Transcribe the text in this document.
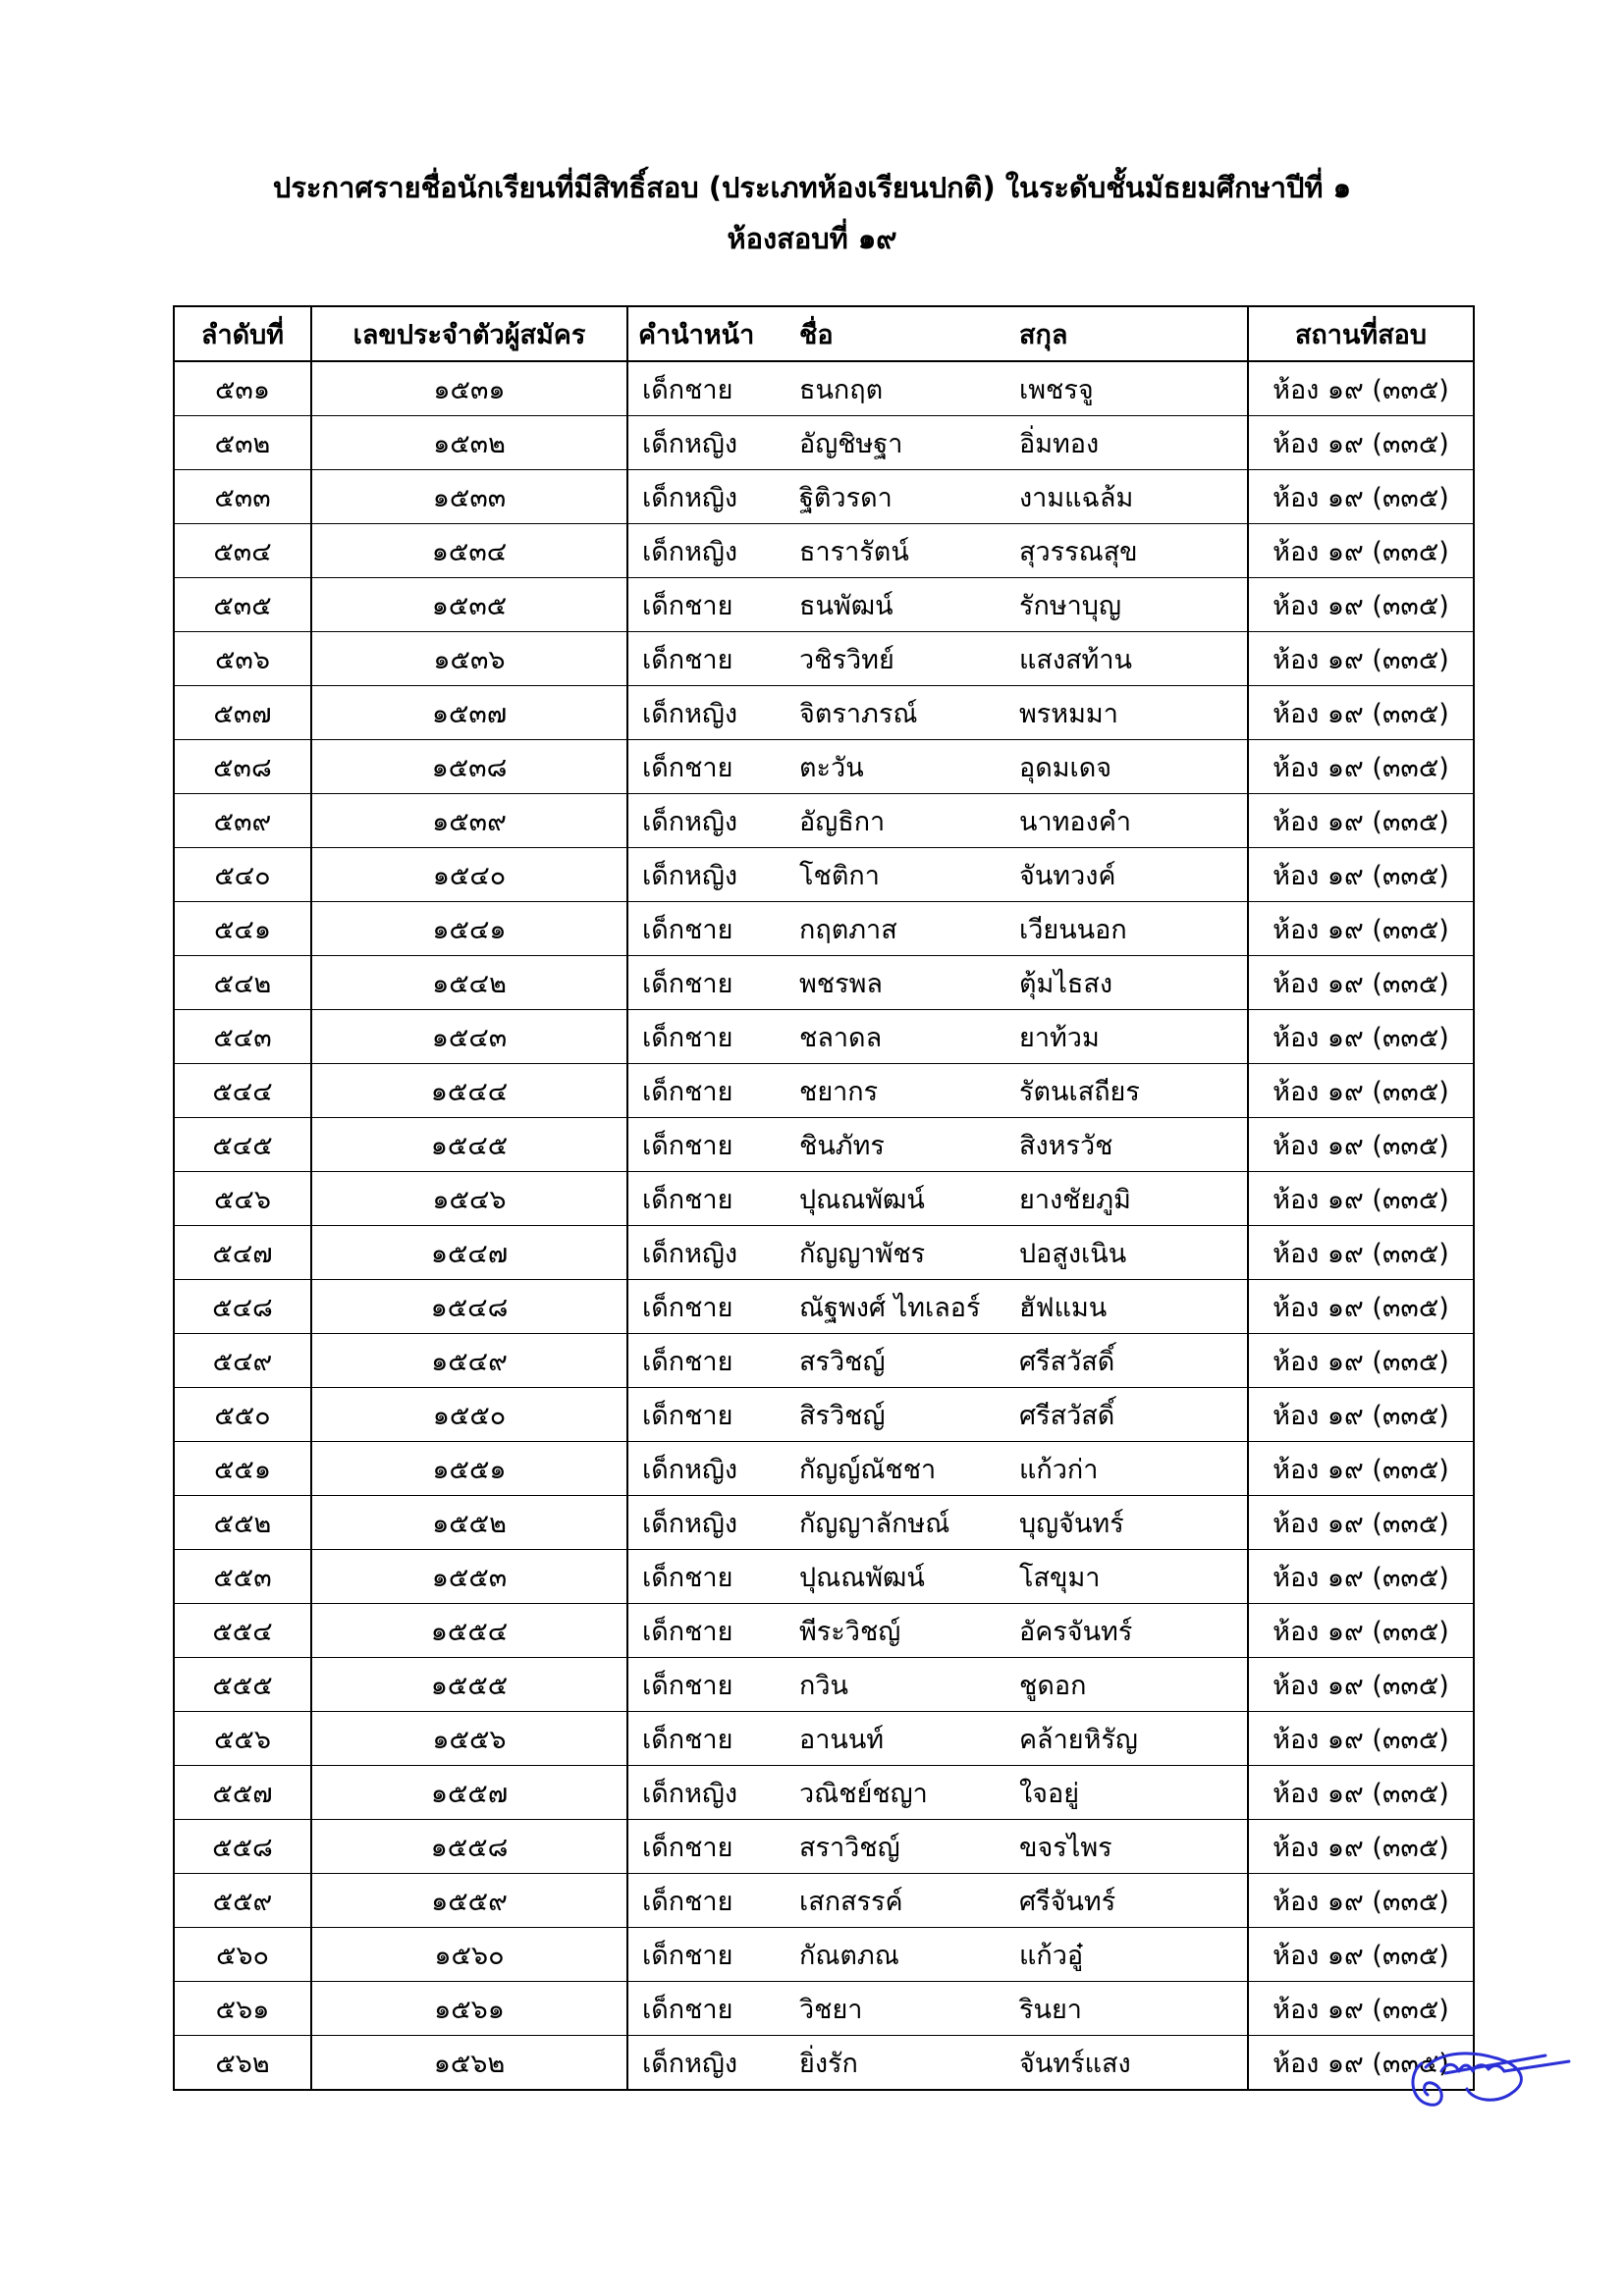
ประกาศรายชื่อนักเรียนที่มีสิทธิ์สอบ (ประเภทห้องเรียนปกติ) ในระดับชั้นมัธยมศึกษาปีที่ ๑
ห้องสอบที่ ๑๙
ลำดับที่	เลขประจำตัวผู้สมัคร	คำนำหน้า	ชื่อ	สกุล	สถานที่สอบ
๕๓๑	๑๕๓๑	เด็กชาย	ธนกฤต	เพชรจู	ห้อง ๑๙ (๓๓๕)
๕๓๒	๑๕๓๒	เด็กหญิง	อัญชิษฐา	อิ่มทอง	ห้อง ๑๙ (๓๓๕)
๕๓๓	๑๕๓๓	เด็กหญิง	ฐิติวรดา	งามแฉล้ม	ห้อง ๑๙ (๓๓๕)
๕๓๔	๑๕๓๔	เด็กหญิง	ธารารัตน์	สุวรรณสุข	ห้อง ๑๙ (๓๓๕)
๕๓๕	๑๕๓๕	เด็กชาย	ธนพัฒน์	รักษาบุญ	ห้อง ๑๙ (๓๓๕)
๕๓๖	๑๕๓๖	เด็กชาย	วชิรวิทย์	แสงสท้าน	ห้อง ๑๙ (๓๓๕)
๕๓๗	๑๕๓๗	เด็กหญิง	จิตราภรณ์	พรหมมา	ห้อง ๑๙ (๓๓๕)
๕๓๘	๑๕๓๘	เด็กชาย	ตะวัน	อุดมเดจ	ห้อง ๑๙ (๓๓๕)
๕๓๙	๑๕๓๙	เด็กหญิง	อัญธิกา	นาทองคำ	ห้อง ๑๙ (๓๓๕)
๕๔๐	๑๕๔๐	เด็กหญิง	โชติกา	จันทวงค์	ห้อง ๑๙ (๓๓๕)
๕๔๑	๑๕๔๑	เด็กชาย	กฤตภาส	เวียนนอก	ห้อง ๑๙ (๓๓๕)
๕๔๒	๑๕๔๒	เด็กชาย	พชรพล	ตุ้มไธสง	ห้อง ๑๙ (๓๓๕)
๕๔๓	๑๕๔๓	เด็กชาย	ชลาดล	ยาท้วม	ห้อง ๑๙ (๓๓๕)
๕๔๔	๑๕๔๔	เด็กชาย	ชยากร	รัตนเสถียร	ห้อง ๑๙ (๓๓๕)
๕๔๕	๑๕๔๕	เด็กชาย	ชินภัทร	สิงหรวัช	ห้อง ๑๙ (๓๓๕)
๕๔๖	๑๕๔๖	เด็กชาย	ปุณณพัฒน์	ยางชัยภูมิ	ห้อง ๑๙ (๓๓๕)
๕๔๗	๑๕๔๗	เด็กหญิง	กัญญาพัชร	ปอสูงเนิน	ห้อง ๑๙ (๓๓๕)
๕๔๘	๑๕๔๘	เด็กชาย	ณัฐพงศ์ ไทเลอร์	ฮัฟแมน	ห้อง ๑๙ (๓๓๕)
๕๔๙	๑๕๔๙	เด็กชาย	สรวิชญ์	ศรีสวัสดิ์	ห้อง ๑๙ (๓๓๕)
๕๕๐	๑๕๕๐	เด็กชาย	สิรวิชญ์	ศรีสวัสดิ์	ห้อง ๑๙ (๓๓๕)
๕๕๑	๑๕๕๑	เด็กหญิง	กัญญ์ณัชชา	แก้วก่า	ห้อง ๑๙ (๓๓๕)
๕๕๒	๑๕๕๒	เด็กหญิง	กัญญาลักษณ์	บุญจันทร์	ห้อง ๑๙ (๓๓๕)
๕๕๓	๑๕๕๓	เด็กชาย	ปุณณพัฒน์	โสขุมา	ห้อง ๑๙ (๓๓๕)
๕๕๔	๑๕๕๔	เด็กชาย	พีระวิชญ์	อัครจันทร์	ห้อง ๑๙ (๓๓๕)
๕๕๕	๑๕๕๕	เด็กชาย	กวิน	ชูดอก	ห้อง ๑๙ (๓๓๕)
๕๕๖	๑๕๕๖	เด็กชาย	อานนท์	คล้ายหิรัญ	ห้อง ๑๙ (๓๓๕)
๕๕๗	๑๕๕๗	เด็กหญิง	วณิชย์ชญา	ใจอยู่	ห้อง ๑๙ (๓๓๕)
๕๕๘	๑๕๕๘	เด็กชาย	สราวิชญ์	ขจรไพร	ห้อง ๑๙ (๓๓๕)
๕๕๙	๑๕๕๙	เด็กชาย	เสกสรรค์	ศรีจันทร์	ห้อง ๑๙ (๓๓๕)
๕๖๐	๑๕๖๐	เด็กชาย	กัณตภณ	แก้วอู๋	ห้อง ๑๙ (๓๓๕)
๕๖๑	๑๕๖๑	เด็กชาย	วิชยา	รินยา	ห้อง ๑๙ (๓๓๕)
๕๖๒	๑๕๖๒	เด็กหญิง	ยิ่งรัก	จันทร์แสง	ห้อง ๑๙ (๓๓๕)
